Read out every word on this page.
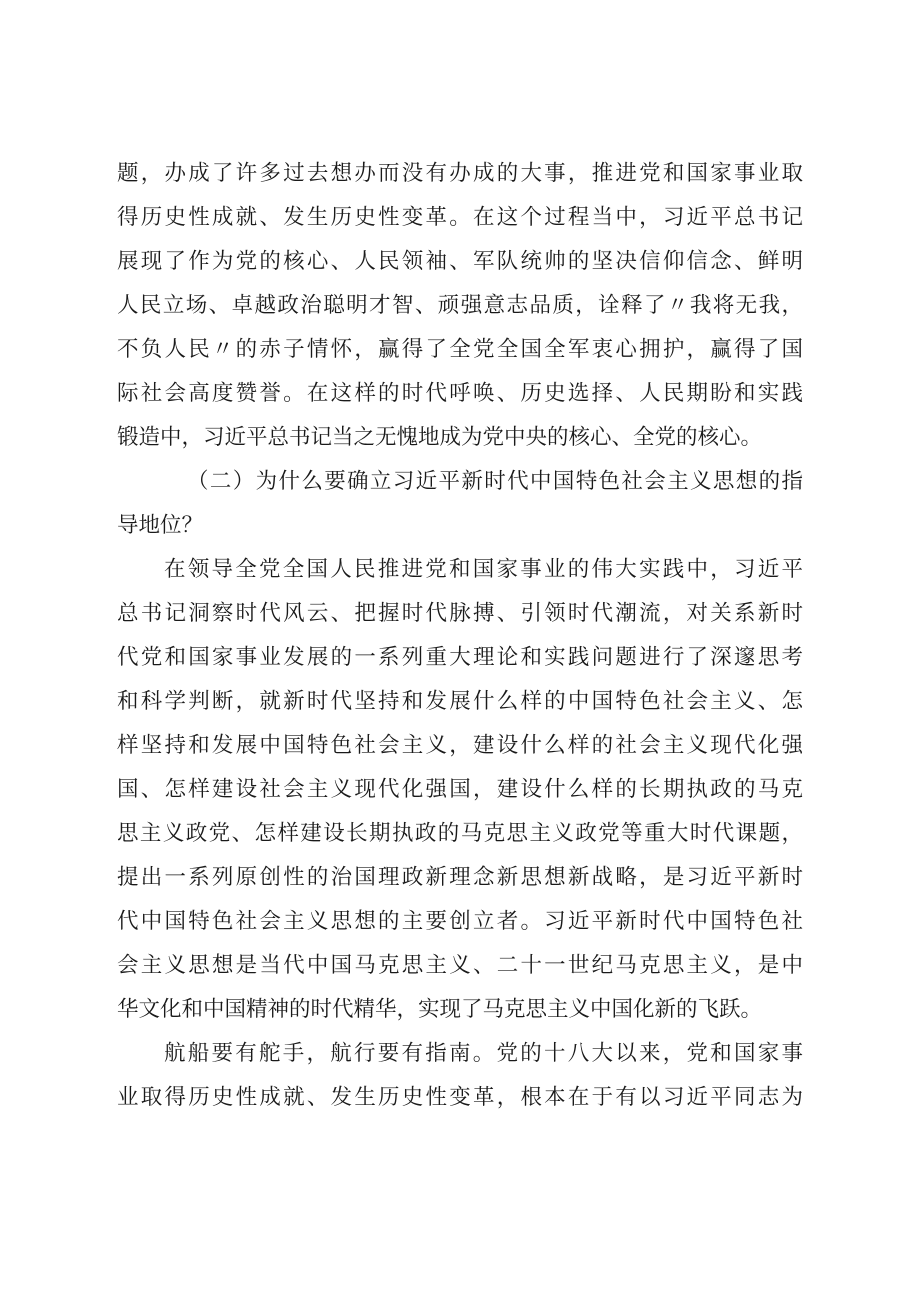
题，办成了许多过去想办而没有办成的大事，推进党和国家事业取
得历史性成就、发生历史性变革。在这个过程当中，习近平总书记
展现了作为党的核心、人民领袖、军队统帅的坚决信仰信念、鲜明
人民立场、卓越政治聪明才智、顽强意志品质，诠释了〃我将无我，
不负人民〃的赤子情怀，赢得了全党全国全军衷心拥护，赢得了国
际社会高度赞誉。在这样的时代呼唤、历史选择、人民期盼和实践
锻造中，习近平总书记当之无愧地成为党中央的核心、全党的核心。
（二）为什么要确立习近平新时代中国特色社会主义思想的指
导地位？
在领导全党全国人民推进党和国家事业的伟大实践中，习近平
总书记洞察时代风云、把握时代脉搏、引领时代潮流，对关系新时
代党和国家事业发展的一系列重大理论和实践问题进行了深邃思考
和科学判断，就新时代坚持和发展什么样的中国特色社会主义、怎
样坚持和发展中国特色社会主义，建设什么样的社会主义现代化强
国、怎样建设社会主义现代化强国，建设什么样的长期执政的马克
思主义政党、怎样建设长期执政的马克思主义政党等重大时代课题，
提出一系列原创性的治国理政新理念新思想新战略，是习近平新时
代中国特色社会主义思想的主要创立者。习近平新时代中国特色社
会主义思想是当代中国马克思主义、二十一世纪马克思主义，是中
华文化和中国精神的时代精华，实现了马克思主义中国化新的飞跃。
航船要有舵手，航行要有指南。党的十八大以来，党和国家事
业取得历史性成就、发生历史性变革，根本在于有以习近平同志为
